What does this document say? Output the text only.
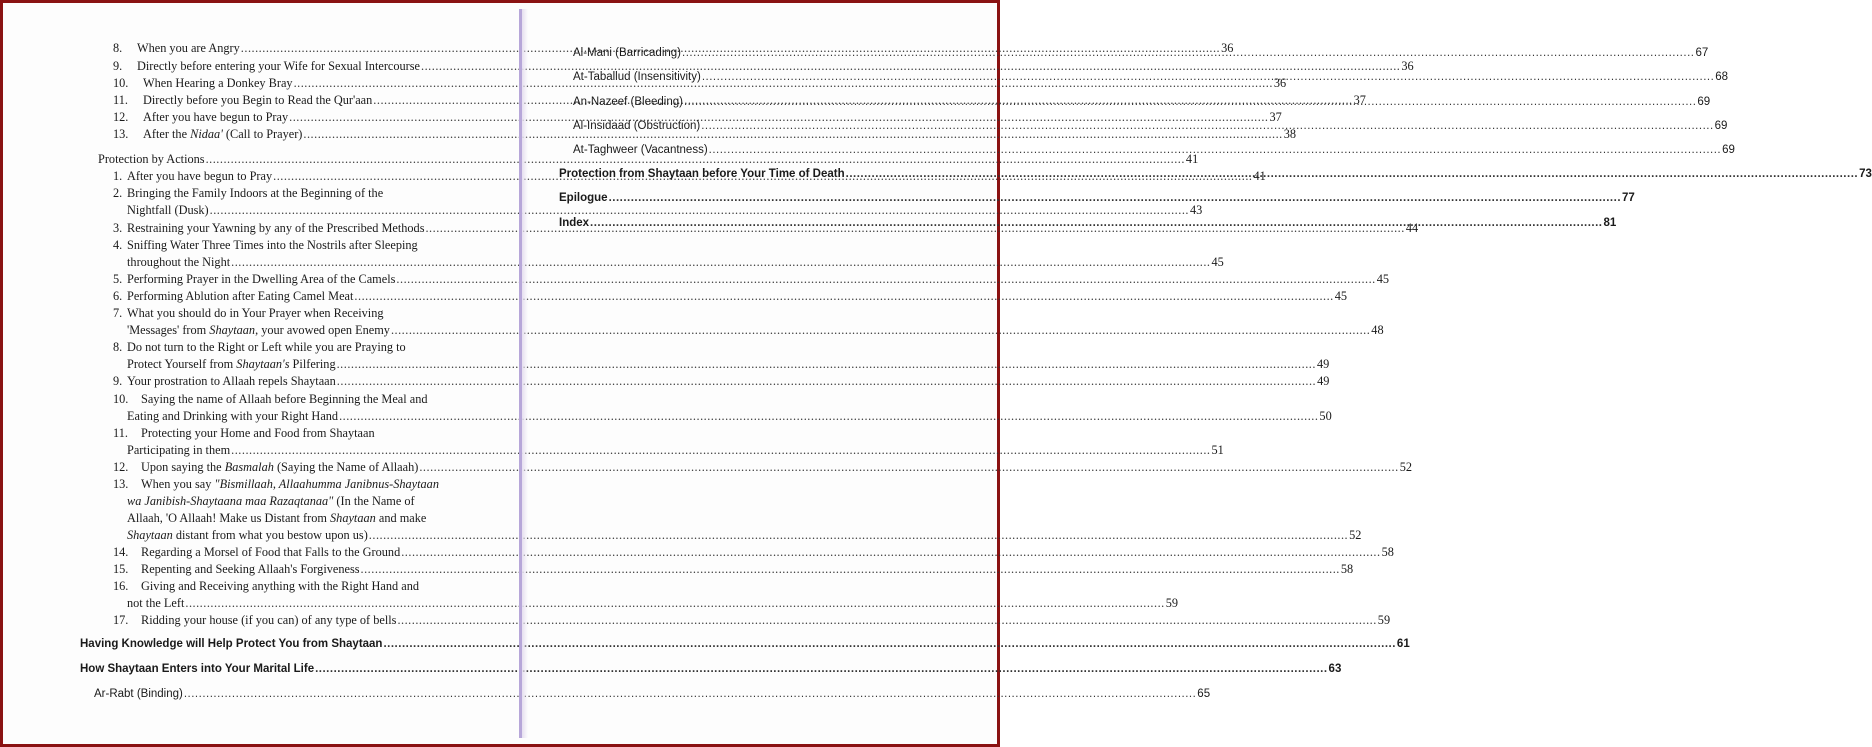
8.	When you are Angry .....	36
9.	Directly before entering your Wife for Sexual Intercourse .....	36
10.	When Hearing a Donkey Bray .....	36
11.	Directly before you Begin to Read the Qur'aan .....	37
12.	After you have begun to Pray .....	37
13.	After the Nidaa' (Call to Prayer) .....	38
Protection by Actions .....	41
1. After you have begun to Pray .....	41
2. Bringing the Family Indoors at the Beginning of the
Nightfall (Dusk) .....	43
3. Restraining your Yawning by any of the Prescribed Methods .....	44
4. Sniffing Water Three Times into the Nostrils after Sleeping
throughout the Night .....	45
5. Performing Prayer in the Dwelling Area of the Camels .....	45
6. Performing Ablution after Eating Camel Meat .....	45
7. What you should do in Your Prayer when Receiving
'Messages' from Shaytaan, your avowed open Enemy .....	48
8. Do not turn to the Right or Left while you are Praying to
Protect Yourself from Shaytaan's Pilfering .....	49
9. Your prostration to Allaah repels Shaytaan .....	49
10. Saying the name of Allaah before Beginning the Meal and
Eating and Drinking with your Right Hand .....	50
11. Protecting your Home and Food from Shaytaan
Participating in them .....	51
12.	Upon saying the Basmalah (Saying the Name of Allaah) .....	52
13. When you say "Bismillaah, Allaahumma Janibnus-Shaytaan
wa Janibish-Shaytaana maa Razaqtanaa" (In the Name of
Allaah, 'O Allaah! Make us Distant from Shaytaan and make
Shaytaan distant from what you bestow upon us) .....	52
14.	Regarding a Morsel of Food that Falls to the Ground .....	58
15.	Repenting and Seeking Allaah's Forgiveness .....	58
16. Giving and Receiving anything with the Right Hand and
not the Left .....	59
17.	Ridding your house (if you can) of any type of bells .....	59
Having Knowledge will Help Protect You from Shaytaan .....	61
How Shaytaan Enters into Your Marital Life .....	63
Ar-Rabt (Binding) .....	65
Al-Mani (Barricading) .....	67
At-Taballud (Insensitivity) .....	68
An-Nazeef (Bleeding) .....	69
Al-Insidaad (Obstruction) .....	69
At-Taghweer (Vacantness) .....	69
Protection from Shaytaan before Your Time of Death .....	73
Epilogue .....	77
Index .....	81
